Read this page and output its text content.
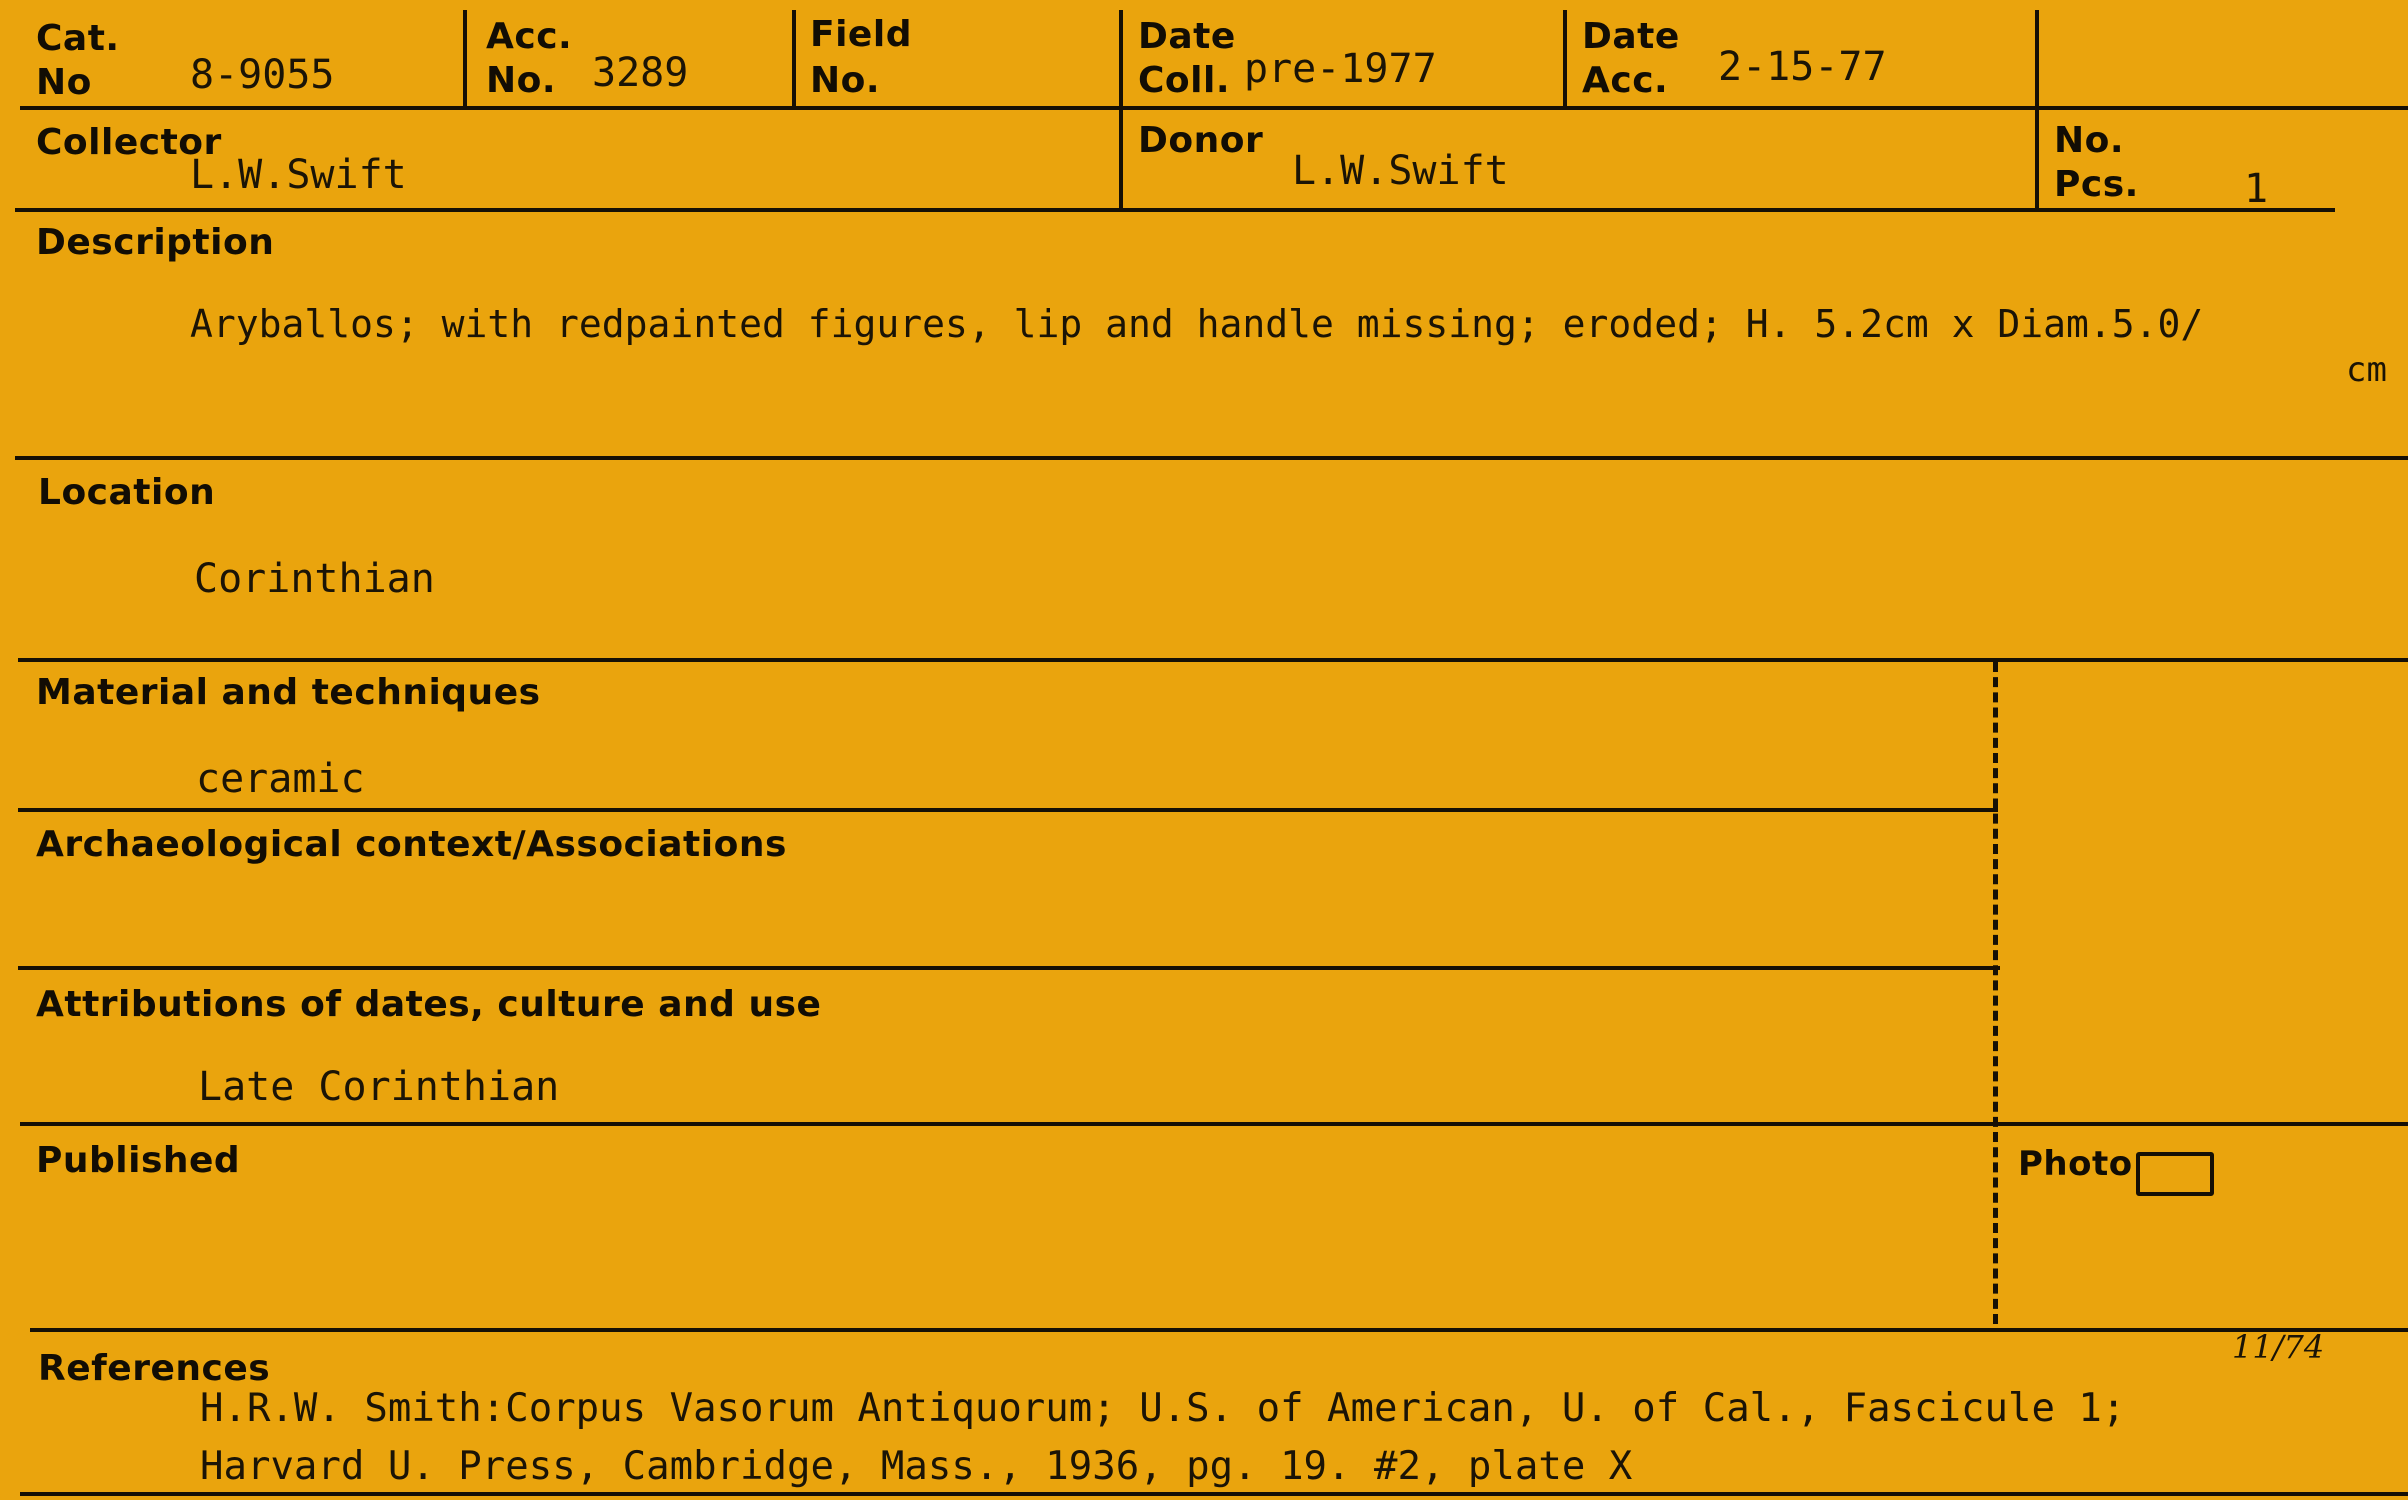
Cat.
No 8-9055
Acc.
No. 3289
Field
No.
Date
Coll. pre-1977
Date
Acc. 2-15-77
Collector
L.W.Swift
Donor
L.W.Swift
No.
Pcs.	1
Description
Aryballos; with redpainted figures, lip and handle missing; eroded; H. 5.2cm x Diam.5.0/
cm
Location
Corinthian
Material and techniques
ceramic
Archaeological context/Associations
Attributions of dates, culture and use
Late Corinthian
Published	Photo
11/74
References
H.R.W. Smith:Corpus Vasorum Antiquorum; U.S. of American, U. of Cal., Fascicule 1;
Harvard U. Press, Cambridge, Mass., 1936, pg. 19. #2, plate X
